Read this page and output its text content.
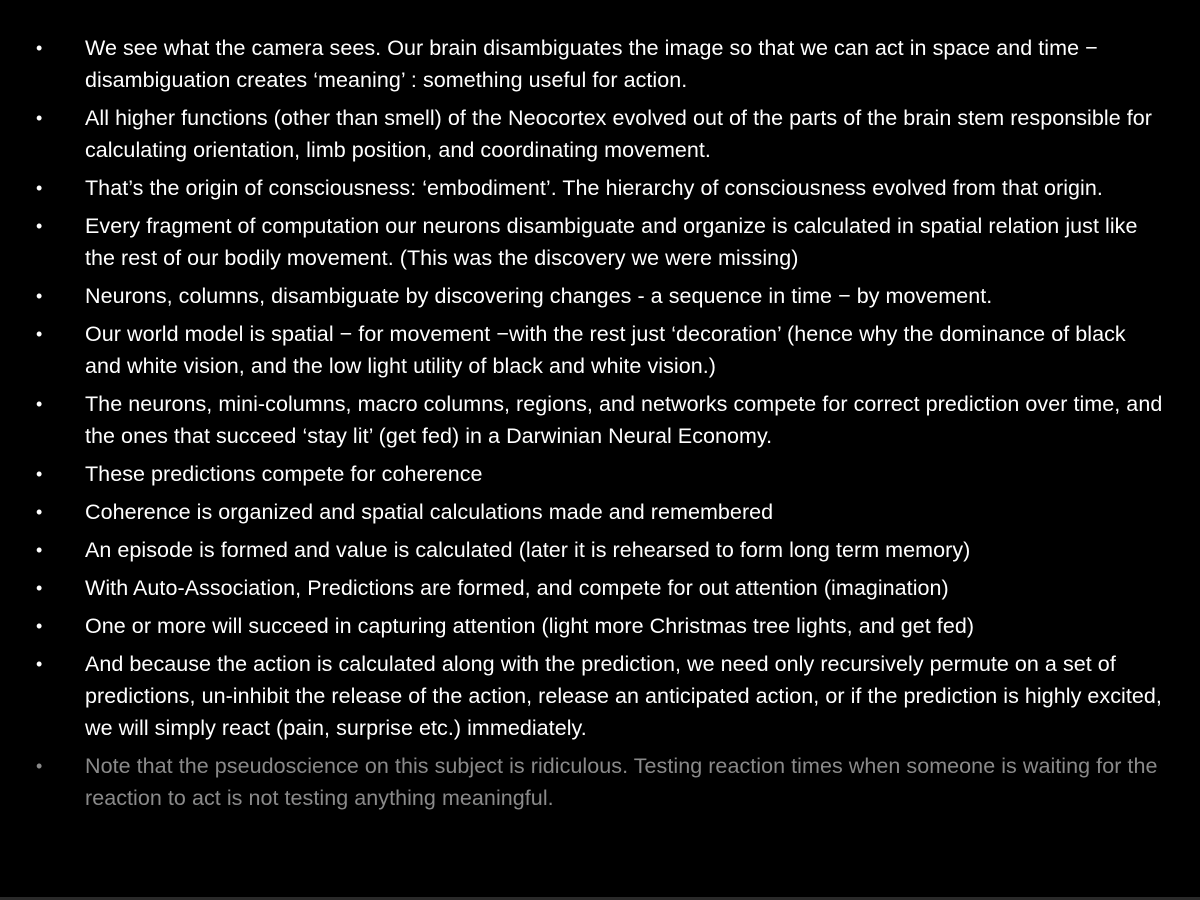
• We see what the camera sees. Our brain disambiguates the image so that we can act in space and time − disambiguation creates ‘meaning’ : something useful for action.
• All higher functions (other than smell) of the Neocortex evolved out of the parts of the brain stem responsible for calculating orientation, limb position, and coordinating movement.
• That’s the origin of consciousness: ‘embodiment’. The hierarchy of consciousness evolved from that origin.
• Every fragment of computation our neurons disambiguate and organize is calculated in spatial relation just like the rest of our bodily movement. (This was the discovery we were missing)
• Neurons, columns, disambiguate by discovering changes - a sequence in time − by movement.
• Our world model is spatial − for movement −with the rest just ‘decoration’ (hence why the dominance of black and white vision, and the low light utility of black and white vision.)
• The neurons, mini-columns, macro columns, regions, and networks compete for correct prediction over time, and the ones that succeed ‘stay lit’ (get fed) in a Darwinian Neural Economy.
• These predictions compete for coherence
• Coherence is organized and spatial calculations made and remembered
• An episode is formed and value is calculated (later it is rehearsed to form long term memory)
• With Auto-Association, Predictions are formed, and compete for out attention (imagination)
• One or more will succeed in capturing attention (light more Christmas tree lights, and get fed)
• And because the action is calculated along with the prediction, we need only recursively permute on a set of predictions, un-inhibit the release of the action, release an anticipated action, or if the prediction is highly excited, we will simply react (pain, surprise etc.) immediately.
• Note that the pseudoscience on this subject is ridiculous. Testing reaction times when someone is waiting for the reaction to act is not testing anything meaningful.
